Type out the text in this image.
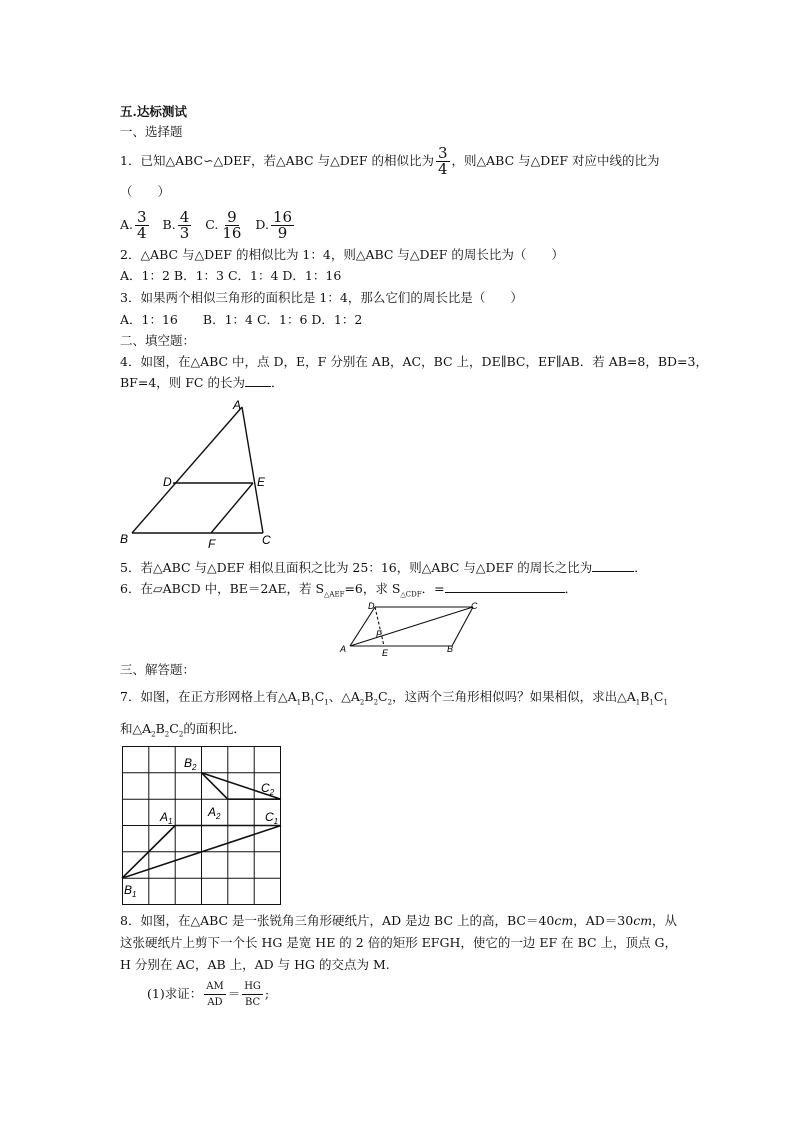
五.达标测试
一、选择题
1．已知△ABC∽△DEF，若△ABC 与△DEF 的相似比为 $\frac{3}{4}$ ，则△ABC 与△DEF 对应中线的比为
（　　）
A. $\frac{3}{4} B$. $\frac{4}{3} C$. $\frac{9}{16} D$. $\frac{16}{9}$
2．△ABC 与△DEF 的相似比为 1：4，则△ABC 与△DEF 的周长比为（　　）
A．1：2 B．1：3 C．1：4 D．1：16
3．如果两个相似三角形的面积比是 1：4，那么它们的周长比是（　　）
A．1：16　　B．1：4 C．1：6 D．1：2
二、填空题：
4．如图，在△ABC 中，点 D，E，F 分别在 AB，AC，BC 上，DE∥BC，EF∥AB．若 AB=8，BD=3，
BF=4，则 FC 的长为 ．
A
D	E
B	F	C
5．若△ABC 与△DEF 相似且面积之比为 25：16，则△ABC 与△DEF 的周长之比为	．
6．在▱ABCD 中，BE＝2AE，若 $S_{\triangle AEF}=6$，求 $S_{\triangle CDF}$．=	．
A
D
F
E	B
C
三、解答题：
7．如图，在正方形网格上有$\triangle A_1B_1C_1$、$\triangle A_2B_2C_2$，这两个三角形相似吗？如果相似，求出$\triangle A_1B_1C_1$
和$\triangle A_2B_2C_2$的面积比．
$B_2$
$C_2$
$A_1$
$A_2$	$C_1$
$B_1$
8．如图，在△ABC 是一张锐角三角形硬纸片，AD 是边 BC 上的高，BC＝40𝑐𝑚，AD＝30𝑐𝑚，从
这张硬纸片上剪下一个长 HG 是宽 HE 的 2 倍的矩形 EFGH，使它的一边 EF 在 BC 上，顶点 G，
H 分别在 AC，AB 上，AD 与 HG 的交点为 M.
(1)求证： $\frac{AM}{AD} = \frac{HG}{BC}$ ;
